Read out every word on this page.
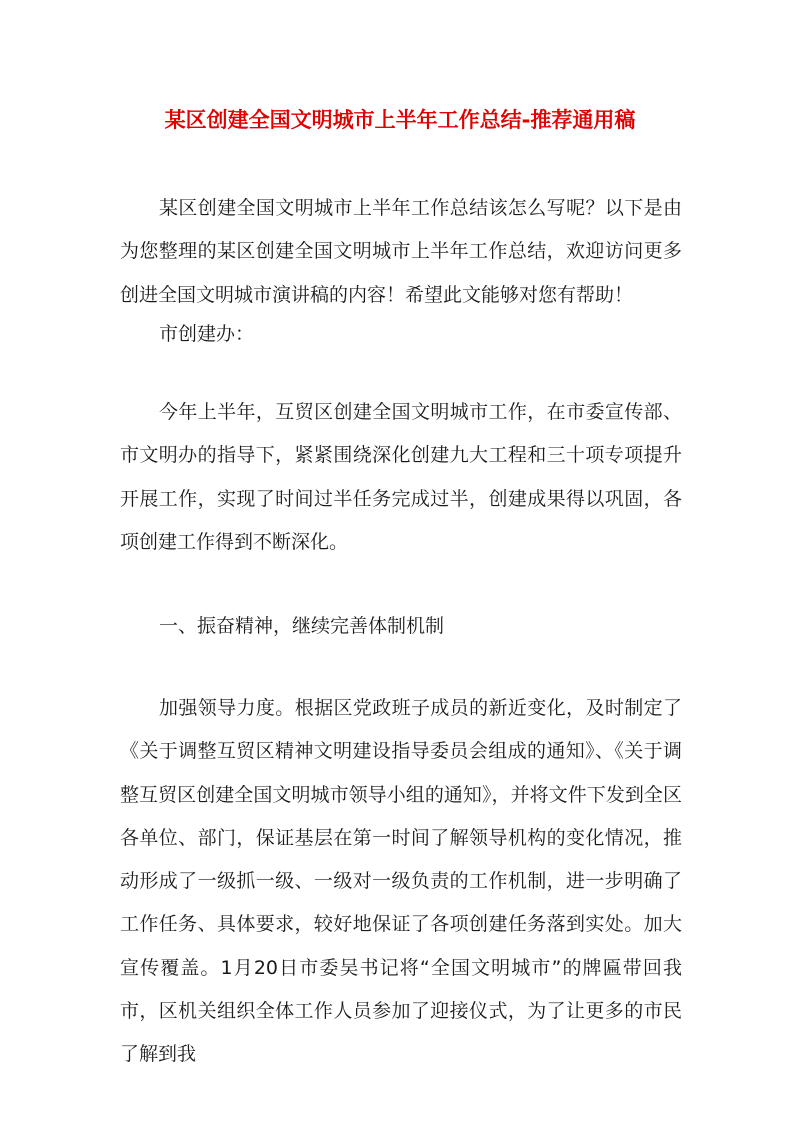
某区创建全国文明城市上半年工作总结-推荐通用稿

某区创建全国文明城市上半年工作总结该怎么写呢？以下是由为您整理的某区创建全国文明城市上半年工作总结，欢迎访问更多创进全国文明城市演讲稿的内容！希望此文能够对您有帮助！

市创建办：

今年上半年，互贸区创建全国文明城市工作，在市委宣传部、市文明办的指导下，紧紧围绕深化创建九大工程和三十项专项提升开展工作，实现了时间过半任务完成过半，创建成果得以巩固，各项创建工作得到不断深化。

一、振奋精神，继续完善体制机制

加强领导力度。根据区党政班子成员的新近变化，及时制定了《关于调整互贸区精神文明建设指导委员会组成的通知》、《关于调整互贸区创建全国文明城市领导小组的通知》，并将文件下发到全区各单位、部门，保证基层在第一时间了解领导机构的变化情况，推动形成了一级抓一级、一级对一级负责的工作机制，进一步明确了工作任务、具体要求，较好地保证了各项创建任务落到实处。加大宣传覆盖。1月20日市委吴书记将“全国文明城市”的牌匾带回我市，区机关组织全体工作人员参加了迎接仪式，为了让更多的市民了解到我
